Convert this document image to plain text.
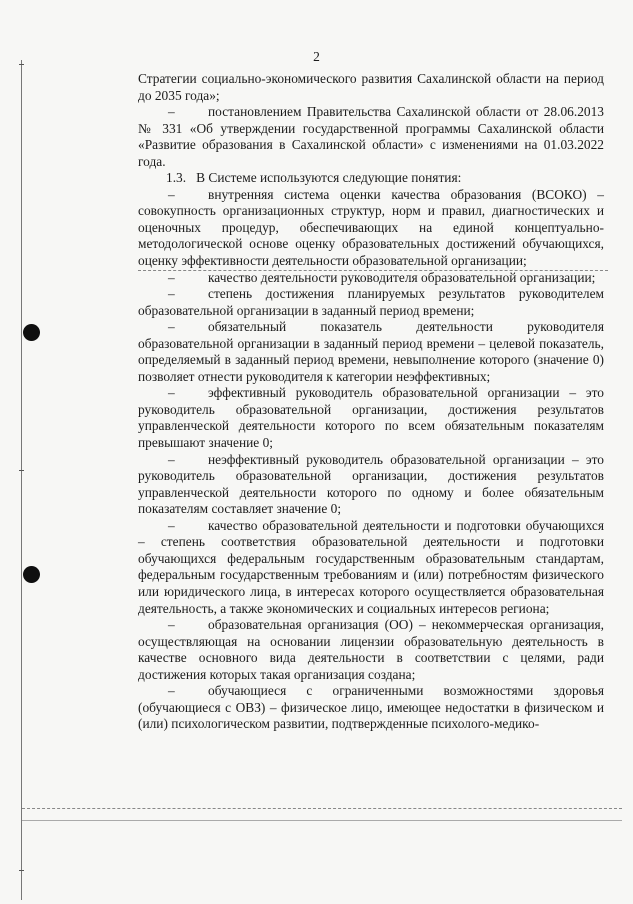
2

Стратегии социально-экономического развития Сахалинской области на период до 2035 года»;

– постановлением Правительства Сахалинской области от 28.06.2013 № 331 «Об утверждении государственной программы Сахалинской области «Развитие образования в Сахалинской области» с изменениями на 01.03.2022 года.

1.3.   В Системе используются следующие понятия:

– внутренняя система оценки качества образования (ВСОКО) – совокупность организационных структур, норм и правил, диагностических и оценочных процедур, обеспечивающих на единой концептуально-методологической основе оценку образовательных достижений обучающихся, оценку эффективности деятельности образовательной организации;

– качество деятельности руководителя образовательной организации;

– степень достижения планируемых результатов руководителем образовательной организации в заданный период времени;

– обязательный показатель деятельности руководителя образовательной организации в заданный период времени – целевой показатель, определяемый в заданный период времени, невыполнение которого (значение 0) позволяет отнести руководителя к категории неэффективных;

– эффективный руководитель образовательной организации – это руководитель образовательной организации, достижения результатов управленческой деятельности которого по всем обязательным показателям превышают значение 0;

– неэффективный руководитель образовательной организации – это руководитель образовательной организации, достижения результатов управленческой деятельности которого по одному и более обязательным показателям составляет значение 0;

– качество образовательной деятельности и подготовки обучающихся – степень соответствия образовательной деятельности и подготовки обучающихся федеральным государственным образовательным стандартам, федеральным государственным требованиям и (или) потребностям физического или юридического лица, в интересах которого осуществляется образовательная деятельность, а также экономических и социальных интересов региона;

– образовательная организация (ОО) – некоммерческая организация, осуществляющая на основании лицензии образовательную деятельность в качестве основного вида деятельности в соответствии с целями, ради достижения которых такая организация создана;

– обучающиеся с ограниченными возможностями здоровья (обучающиеся с ОВЗ) – физическое лицо, имеющее недостатки в физическом и (или) психологическом развитии, подтвержденные психолого-медико-
